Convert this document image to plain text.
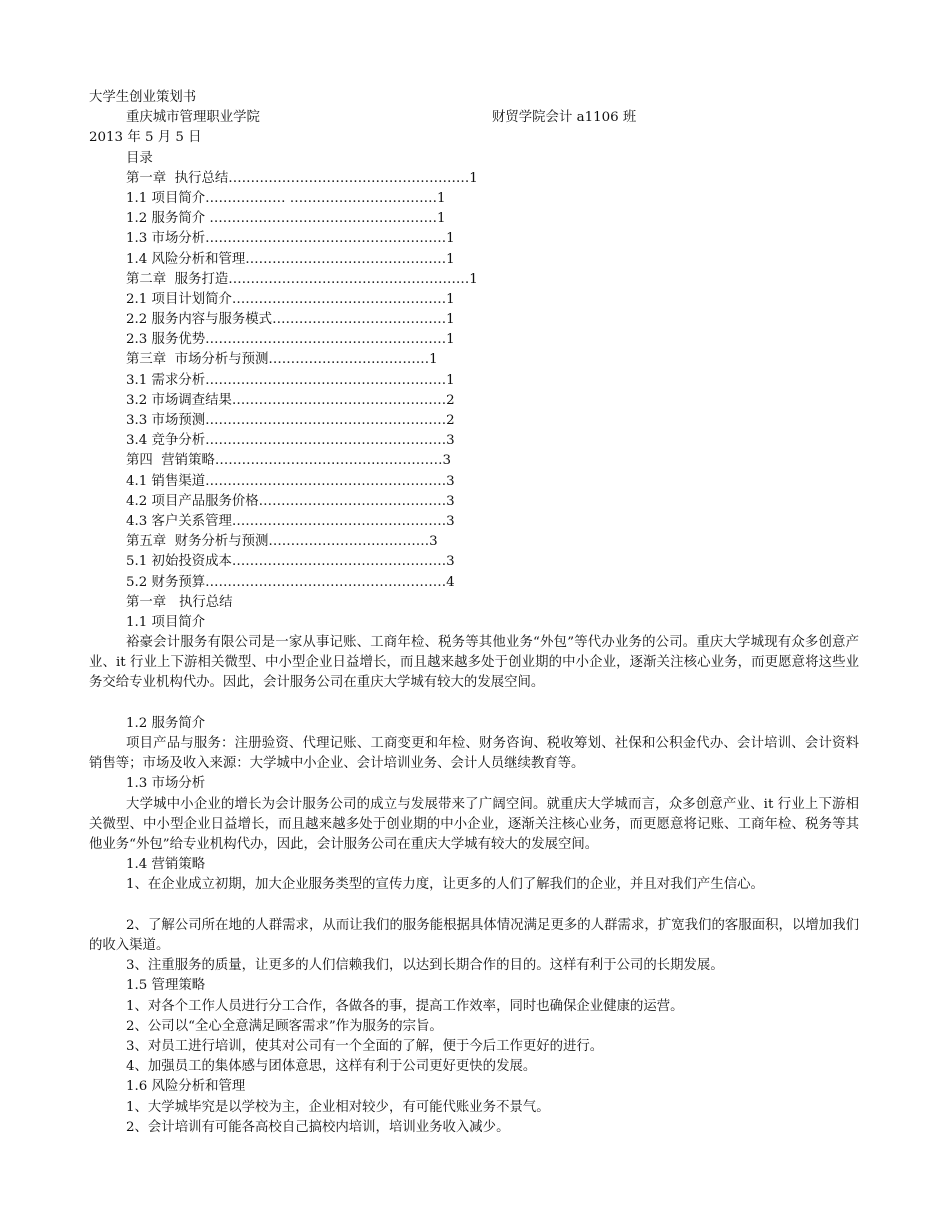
大学生创业策划书
重庆城市管理职业学院	财贸学院会计 a1106 班
2013 年 5 月 5 日
目录
第一章  执行总结………………………………………………1
1.1 项目简介……………… ……………………………1
1.2 服务简介 ……………………………………………1
1.3 市场分析………………………………………………1
1.4 风险分析和管理………………………………………1
第二章  服务打造………………………………………………1
2.1 项目计划简介…………………………………………1
2.2 服务内容与服务模式…………………………………1
2.3 服务优势………………………………………………1
第三章  市场分析与预测………………………………1
3.1 需求分析………………………………………………1
3.2 市场调查结果…………………………………………2
3.3 市场预测………………………………………………2
3.4 竞争分析………………………………………………3
第四  营销策略……………………………………………3
4.1 销售渠道………………………………………………3
4.2 项目产品服务价格……………………………………3
4.3 客户关系管理…………………………………………3
第五章  财务分析与预测………………………………3
5.1 初始投资成本…………………………………………3
5.2 财务预算………………………………………………4
第一章   执行总结
1.1 项目简介
裕豪会计服务有限公司是一家从事记账、工商年检、税务等其他业务“外包”等代办业务的公司。重庆大学城现有众多创意产业、it 行业上下游相关微型、中小型企业日益增长，而且越来越多处于创业期的中小企业，逐渐关注核心业务，而更愿意将这些业务交给专业机构代办。因此，会计服务公司在重庆大学城有较大的发展空间。
1.2 服务简介
项目产品与服务：注册验资、代理记账、工商变更和年检、财务咨询、税收筹划、社保和公积金代办、会计培训、会计资料销售等；市场及收入来源：大学城中小企业、会计培训业务、会计人员继续教育等。
1.3 市场分析
大学城中小企业的增长为会计服务公司的成立与发展带来了广阔空间。就重庆大学城而言，众多创意产业、it 行业上下游相关微型、中小型企业日益增长，而且越来越多处于创业期的中小企业，逐渐关注核心业务，而更愿意将记账、工商年检、税务等其他业务“外包”给专业机构代办，因此，会计服务公司在重庆大学城有较大的发展空间。
1.4 营销策略
1、在企业成立初期，加大企业服务类型的宣传力度，让更多的人们了解我们的企业，并且对我们产生信心。
2、了解公司所在地的人群需求，从而让我们的服务能根据具体情况满足更多的人群需求，扩宽我们的客服面积，以增加我们的收入渠道。
3、注重服务的质量，让更多的人们信赖我们，以达到长期合作的目的。这样有利于公司的长期发展。
1.5 管理策略
1、对各个工作人员进行分工合作，各做各的事，提高工作效率，同时也确保企业健康的运营。
2、公司以“全心全意满足顾客需求”作为服务的宗旨。
3、对员工进行培训，使其对公司有一个全面的了解，便于今后工作更好的进行。
4、加强员工的集体感与团体意思，这样有利于公司更好更快的发展。
1.6 风险分析和管理
1、大学城毕究是以学校为主，企业相对较少，有可能代账业务不景气。
2、会计培训有可能各高校自己搞校内培训，培训业务收入减少。
